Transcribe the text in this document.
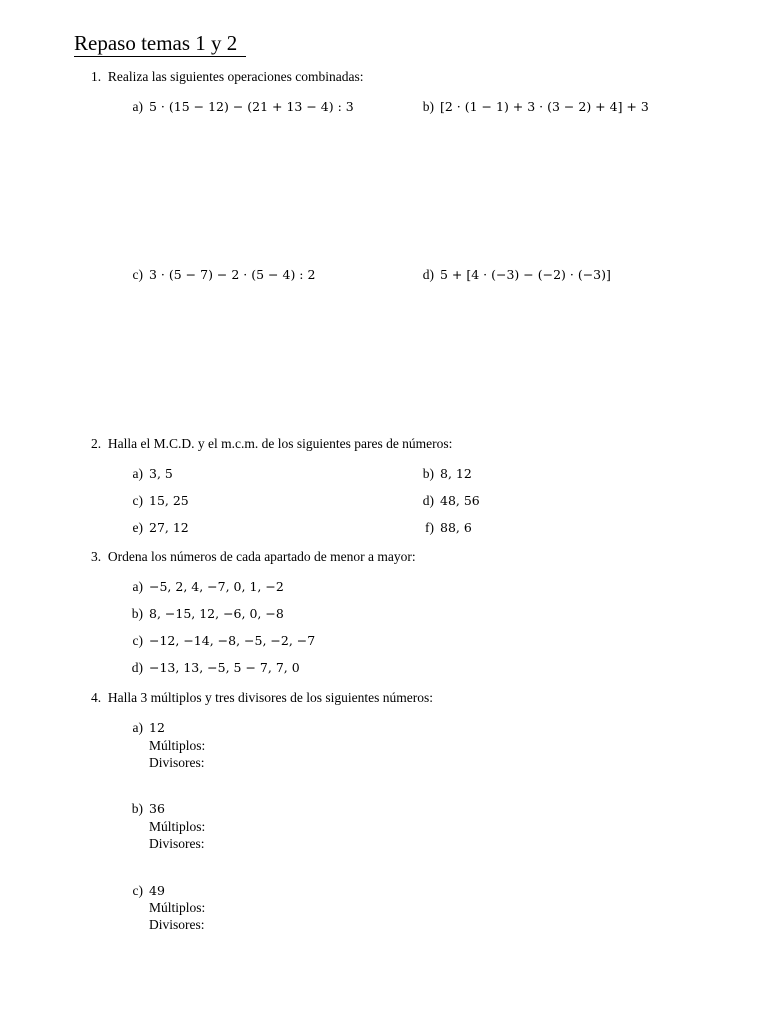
Repaso temas 1 y 2
1. Realiza las siguientes operaciones combinadas:
a) 5 · (15 − 12) − (21 + 13 − 4) : 3	b) [2 · (1 − 1) + 3 · (3 − 2) + 4] + 3
c) 3 · (5 − 7) − 2 · (5 − 4) : 2	d) 5 + [4 · (−3) − (−2) · (−3)]
2. Halla el M.C.D. y el m.c.m. de los siguientes pares de números:
a) 3, 5	b) 8, 12
c) 15, 25	d) 48, 56
e) 27, 12	f) 88, 6
3. Ordena los números de cada apartado de menor a mayor:
a) −5, 2, 4, −7, 0, 1, −2
b) 8, −15, 12, −6, 0, −8
c) −12, −14, −8, −5, −2, −7
d) −13, 13, −5, 5 − 7, 7, 0
4. Halla 3 múltiplos y tres divisores de los siguientes números:
a) 12
Múltiplos:
Divisores:
b) 36
Múltiplos:
Divisores:
c) 49
Múltiplos:
Divisores:
